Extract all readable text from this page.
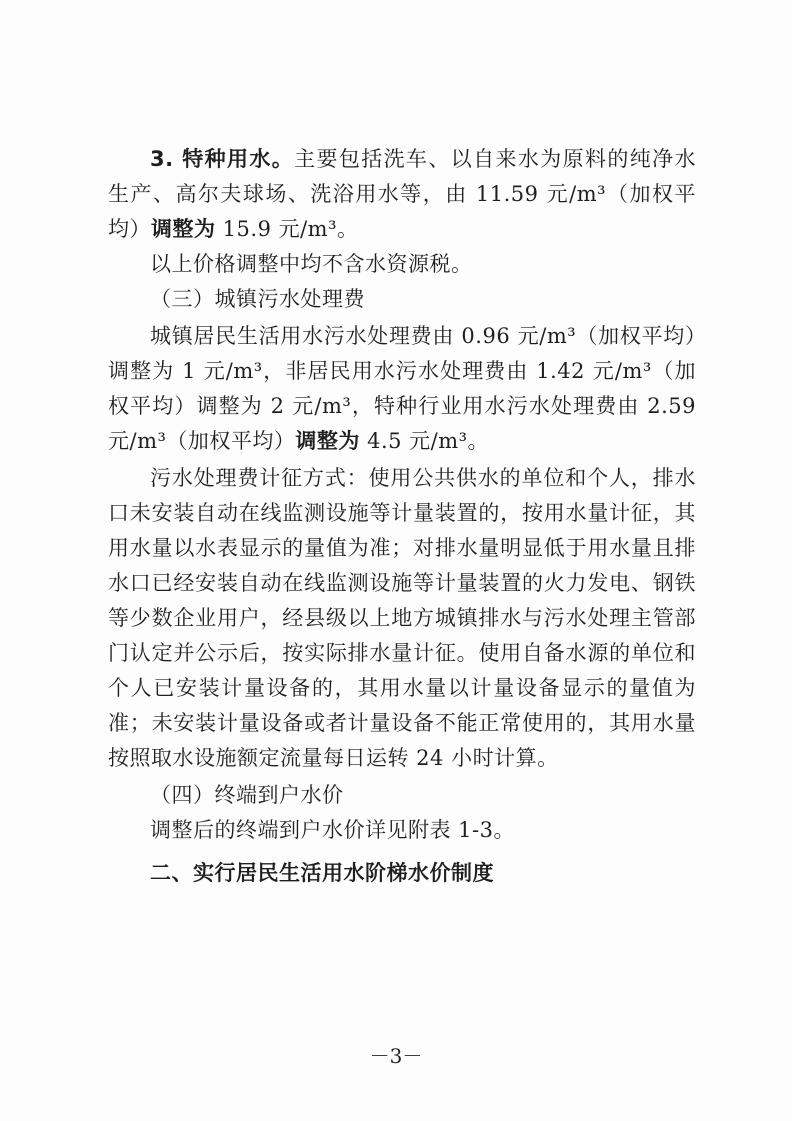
3. 特种用水。主要包括洗车、以自来水为原料的纯净水生产、高尔夫球场、洗浴用水等，由 11.59 元/m³（加权平均）调整为 15.9 元/m³。

以上价格调整中均不含水资源税。

（三）城镇污水处理费

城镇居民生活用水污水处理费由 0.96 元/m³（加权平均）调整为 1 元/m³，非居民用水污水处理费由 1.42 元/m³（加权平均）调整为 2 元/m³，特种行业用水污水处理费由 2.59 元/m³（加权平均）调整为 4.5 元/m³。

污水处理费计征方式：使用公共供水的单位和个人，排水口未安装自动在线监测设施等计量装置的，按用水量计征，其用水量以水表显示的量值为准；对排水量明显低于用水量且排水口已经安装自动在线监测设施等计量装置的火力发电、钢铁等少数企业用户，经县级以上地方城镇排水与污水处理主管部门认定并公示后，按实际排水量计征。使用自备水源的单位和个人已安装计量设备的，其用水量以计量设备显示的量值为准；未安装计量设备或者计量设备不能正常使用的，其用水量按照取水设施额定流量每日运转 24 小时计算。

（四）终端到户水价

调整后的终端到户水价详见附表 1-3。

二、实行居民生活用水阶梯水价制度

－3－
